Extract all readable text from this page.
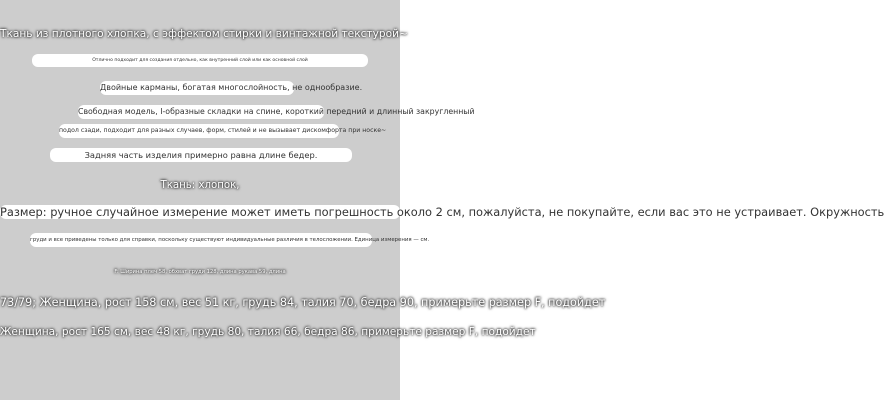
Ткань из плотного хлопка, с эффектом стирки и винтажной текстурой~
Отлично подходит для создания отдельно, как внутренний слой или как основной слой
Двойные карманы, богатая многослойность, не однообразие.
Свободная модель, I-образные складки на спине, короткий передний и длинный закругленный
подол сзади, подходит для разных случаев, форм, стилей и не вызывает дискомфорта при носке~
Задняя часть изделия примерно равна длине бедер.
Ткань: хлопок,
Размер: ручное случайное измерение может иметь погрешность около 2 см, пожалуйста, не покупайте, если вас это не устраивает. Окружность
груди и все приведены только для справки, поскольку существуют индивидуальные различия в телосложении. Единица измерения — см.
F: Ширина плеч 58, обхват груди 128, длина рукава 59, длина
73/79; Женщина, рост 158 см, вес 51 кг, грудь 84, талия 70, бедра 90, примерьте размер F, подойдет
Женщина, рост 165 см, вес 48 кг, грудь 80, талия 66, бедра 86, примерьте размер F, подойдет
